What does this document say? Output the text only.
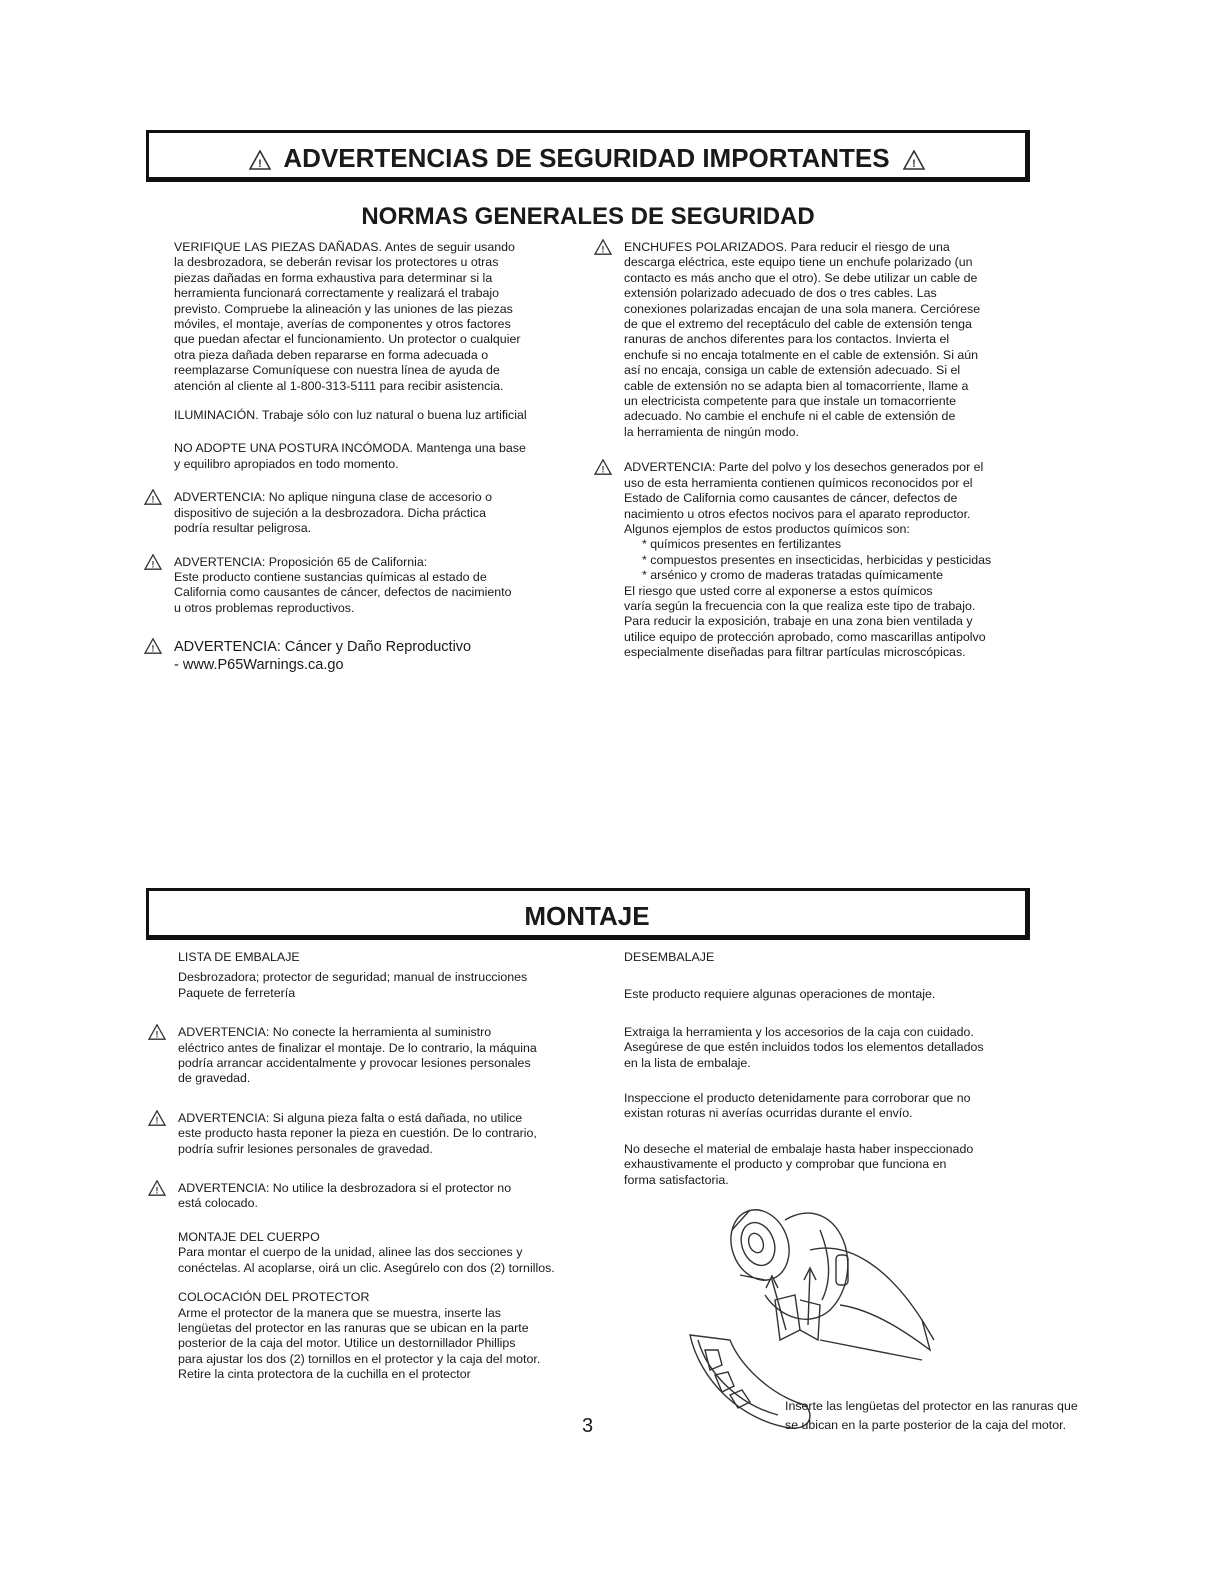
! ADVERTENCIAS DE SEGURIDAD IMPORTANTES !
NORMAS GENERALES DE SEGURIDAD
VERIFIQUE LAS PIEZAS DAÑADAS. Antes de seguir usando
la desbrozadora, se deberán revisar los protectores u otras
piezas dañadas en forma exhaustiva para determinar si la
herramienta funcionará correctamente y realizará el trabajo
previsto. Compruebe la alineación y las uniones de las piezas
móviles, el montaje, averías de componentes y otros factores
que puedan afectar el funcionamiento. Un protector o cualquier
otra pieza dañada deben repararse en forma adecuada o
reemplazarse Comuníquese con nuestra línea de ayuda de
atención al cliente al 1-800-313-5111 para recibir asistencia.
ILUMINACIÓN. Trabaje sólo con luz natural o buena luz artificial
NO ADOPTE UNA POSTURA INCÓMODA. Mantenga una base
y equilibro apropiados en todo momento.
! ADVERTENCIA: No aplique ninguna clase de accesorio o
dispositivo de sujeción a la desbrozadora. Dicha práctica
podría resultar peligrosa.
! ADVERTENCIA: Proposición 65 de California:
Este producto contiene sustancias químicas al estado de
California como causantes de cáncer, defectos de nacimiento
u otros problemas reproductivos.
! ADVERTENCIA: Cáncer y Daño Reproductivo
- www.P65Warnings.ca.go
! ENCHUFES POLARIZADOS. Para reducir el riesgo de una
descarga eléctrica, este equipo tiene un enchufe polarizado (un
contacto es más ancho que el otro). Se debe utilizar un cable de
extensión polarizado adecuado de dos o tres cables. Las
conexiones polarizadas encajan de una sola manera. Cerciórese
de que el extremo del receptáculo del cable de extensión tenga
ranuras de anchos diferentes para los contactos. Invierta el
enchufe si no encaja totalmente en el cable de extensión. Si aún
así no encaja, consiga un cable de extensión adecuado. Si el
cable de extensión no se adapta bien al tomacorriente, llame a
un electricista competente para que instale un tomacorriente
adecuado. No cambie el enchufe ni el cable de extensión de
la herramienta de ningún modo.
! ADVERTENCIA: Parte del polvo y los desechos generados por el
uso de esta herramienta contienen químicos reconocidos por el
Estado de California como causantes de cáncer, defectos de
nacimiento u otros efectos nocivos para el aparato reproductor.
Algunos ejemplos de estos productos químicos son:
* químicos presentes en fertilizantes
* compuestos presentes en insecticidas, herbicidas y pesticidas
* arsénico y cromo de maderas tratadas químicamente
El riesgo que usted corre al exponerse a estos químicos
varía según la frecuencia con la que realiza este tipo de trabajo.
Para reducir la exposición, trabaje en una zona bien ventilada y
utilice equipo de protección aprobado, como mascarillas antipolvo
especialmente diseñadas para filtrar partículas microscópicas.
MONTAJE
LISTA DE EMBALAJE
Desbrozadora; protector de seguridad; manual de instrucciones
Paquete de ferretería
! ADVERTENCIA: No conecte la herramienta al suministro
eléctrico antes de finalizar el montaje. De lo contrario, la máquina
podría arrancar accidentalmente y provocar lesiones personales
de gravedad.
! ADVERTENCIA: Si alguna pieza falta o está dañada, no utilice
este producto hasta reponer la pieza en cuestión. De lo contrario,
podría sufrir lesiones personales de gravedad.
! ADVERTENCIA: No utilice la desbrozadora si el protector no
está colocado.
MONTAJE DEL CUERPO
Para montar el cuerpo de la unidad, alinee las dos secciones y
conéctelas. Al acoplarse, oirá un clic. Asegúrelo con dos (2) tornillos.
COLOCACIÓN DEL PROTECTOR
Arme el protector de la manera que se muestra, inserte las
lengüetas del protector en las ranuras que se ubican en la parte
posterior de la caja del motor. Utilice un destornillador Phillips
para ajustar los dos (2) tornillos en el protector y la caja del motor.
Retire la cinta protectora de la cuchilla en el protector
DESEMBALAJE
Este producto requiere algunas operaciones de montaje.
Extraiga la herramienta y los accesorios de la caja con cuidado.
Asegúrese de que estén incluidos todos los elementos detallados
en la lista de embalaje.
Inspeccione el producto detenidamente para corroborar que no
existan roturas ni averías ocurridas durante el envío.
No deseche el material de embalaje hasta haber inspeccionado
exhaustivamente el producto y comprobar que funciona en
forma satisfactoria.
Inserte las lengüetas del protector en las ranuras que
se ubican en la parte posterior de la caja del motor.
3
